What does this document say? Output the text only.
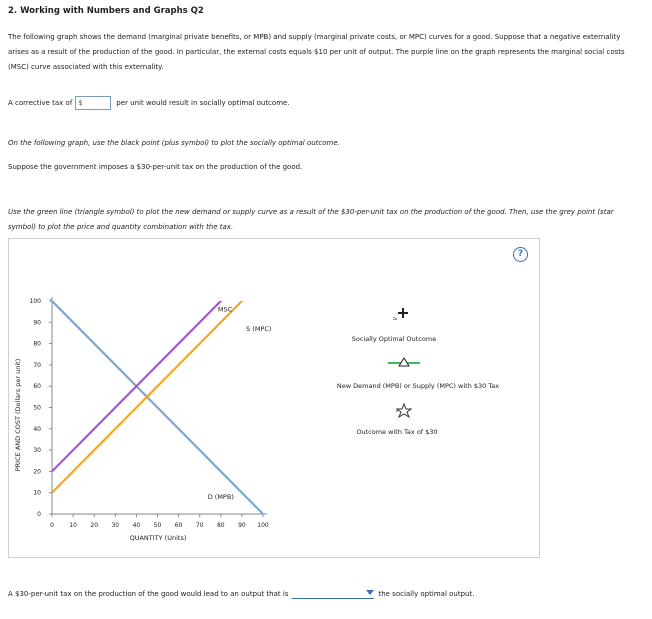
2. Working with Numbers and Graphs Q2
The following graph shows the demand (marginal private benefits, or MPB) and supply (marginal private costs, or MPC) curves for a good. Suppose that a negative externality arises as a result of the production of the good. In particular, the external costs equals $10 per unit of output. The purple line on the graph represents the marginal social costs (MSC) curve associated with this externality.
A corrective tax of $	per unit would result in socially optimal outcome.
On the following graph, use the black point (plus symbol) to plot the socially optimal outcome.
Suppose the government imposes a $30-per-unit tax on the production of the good.
Use the green line (triangle symbol) to plot the new demand or supply curve as a result of the $30-per-unit tax on the production of the good. Then, use the grey point (star symbol) to plot the price and quantity combination with the tax.
?
0
10
20
30
40
50
60
70
80
90
100
0	10 20 30 40 50 60 70 80 90 100
MSC
S (MPC)
D (MPB)
PRICE AND COST (Dollars per unit)
QUANTITY (Units)
Socially Optimal Outcome
New Demand (MPB) or Supply (MPC) with $30 Tax
Outcome with Tax of $30
A $30-per-unit tax on the production of the good would lead to an output that is	the socially optimal output.
